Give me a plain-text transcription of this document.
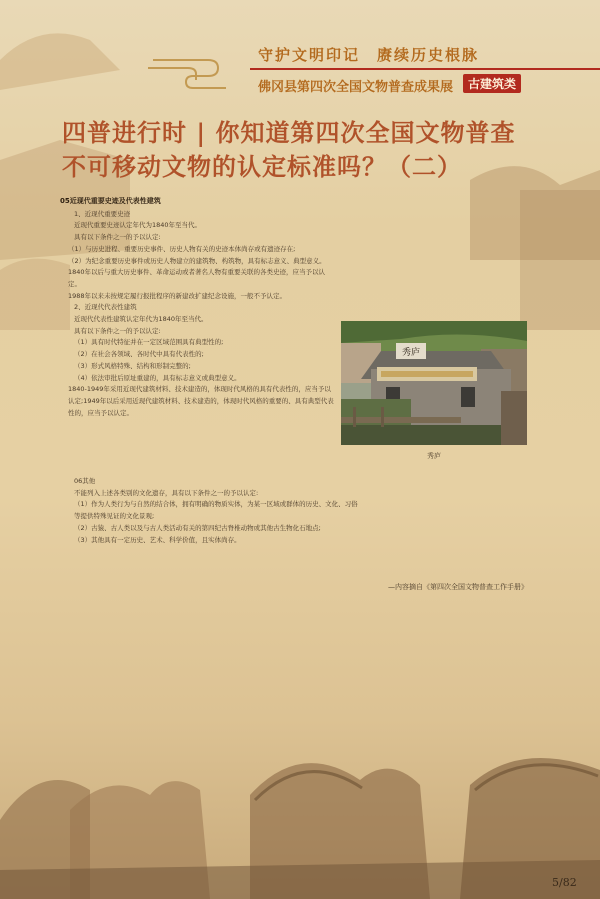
守护文明印记　赓续历史根脉
佛冈县第四次全国文物普查成果展	古建筑类
四普进行时 | 你知道第四次全国文物普查
不可移动文物的认定标准吗？（二）

05近现代重要史迹及代表性建筑

1、近现代重要史迹

近现代重要史迹认定年代为1840年至当代。

具有以下条件之一的予以认定:

（1）与历史进程、重要历史事件、历史人物有关的史迹本体尚存或有遗迹存在;

（2）为纪念重要历史事件或历史人物建立的建筑物、构筑物，具有标志意义、典型意义。

1840年以后与重大历史事件、革命运动或者著名人物有重要关联的各类史迹，应当予以认定。

1988年以来未按规定履行报批程序的新建改扩建纪念设施，一般不予认定。

2、近现代代表性建筑

近现代代表性建筑认定年代为1840年至当代。

具有以下条件之一的予以认定:

（1）具有时代特征并在一定区域范围具有典型性的;

（2）在社会各领域、各时代中具有代表性的;

（3）形式风格特殊、结构和形制完整的;

（4）依法审批后原址重建的，具有标志意义或典型意义。

1840-1949年采用近现代建筑材料、技术建造的，体现时代风格的具有代表性的，应当予以认定;1949年以后采用近现代建筑材料、技术建造的，体现时代风格的重要的、具有典型代表性的，应当予以认定。

秀庐
秀庐

06其他

不能列入上述各类别的文化遗存，具有以下条件之一的予以认定:

（1）作为人类行为与自然的结合体，拥有明确的物质实体，为某一区域或群体的历史、文化、习俗等提供特殊见证的文化景观;

（2）古猿、古人类以及与古人类活动有关的第四纪古脊椎动物或其他古生物化石地点;

（3）其他具有一定历史、艺术、科学价值，且实体尚存。

—内容摘自《第四次全国文物普查工作手册》
5/82
